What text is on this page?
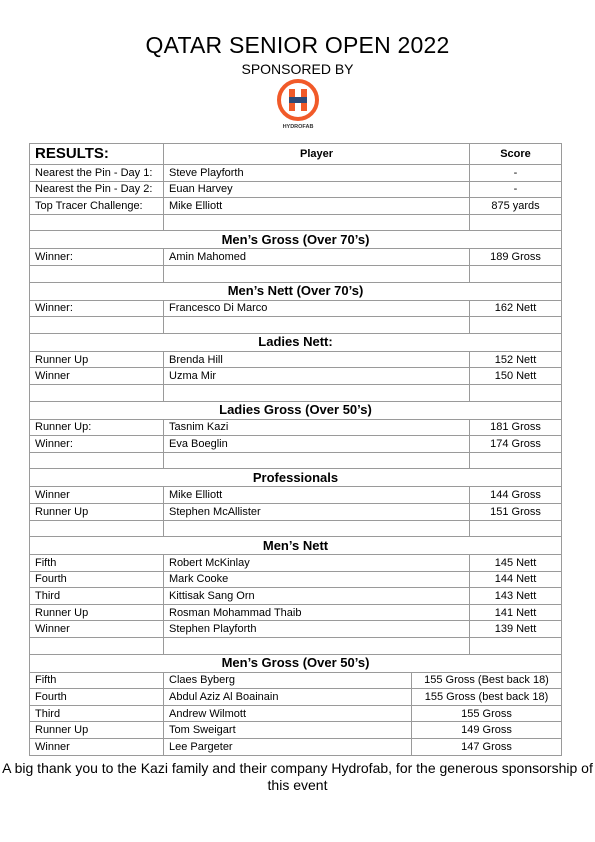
QATAR SENIOR OPEN 2022
SPONSORED BY
HYDROFAB
RESULTS:	Player		Score
Nearest the Pin - Day 1:	Steve Playforth		-
Nearest the Pin - Day 2:	Euan Harvey		-
Top Tracer Challenge:	Mike Elliott		875 yards

Men’s Gross (Over 70’s)			
Winner:	Amin Mahomed		189 Gross

Men’s Nett (Over 70’s)			
Winner:	Francesco Di Marco		162 Nett

Ladies Nett:			
Runner Up	Brenda Hill		152 Nett
Winner	Uzma Mir		150 Nett

Ladies Gross (Over 50’s)			
Runner Up:	Tasnim Kazi		181 Gross
Winner:	Eva Boeglin		174 Gross

Professionals			
Winner	Mike Elliott		144 Gross
Runner Up	Stephen McAllister		151 Gross

Men’s Nett			
Fifth	Robert McKinlay		145 Nett
Fourth	Mark Cooke		144 Nett
Third	Kittisak Sang Orn		143 Nett
Runner Up	Rosman Mohammad Thaib		141 Nett
Winner	Stephen Playforth		139 Nett

Men’s Gross (Over 50’s)			
Fifth	Claes Byberg	155 Gross (Best back 18)	
Fourth	Abdul Aziz Al Boainain	155 Gross (best back 18)	
Third	Andrew Wilmott	155 Gross	
Runner Up	Tom Sweigart	149 Gross	
Winner	Lee Pargeter	147 Gross	
A big thank you to the Kazi family and their company Hydrofab, for the generous sponsorship of this event
